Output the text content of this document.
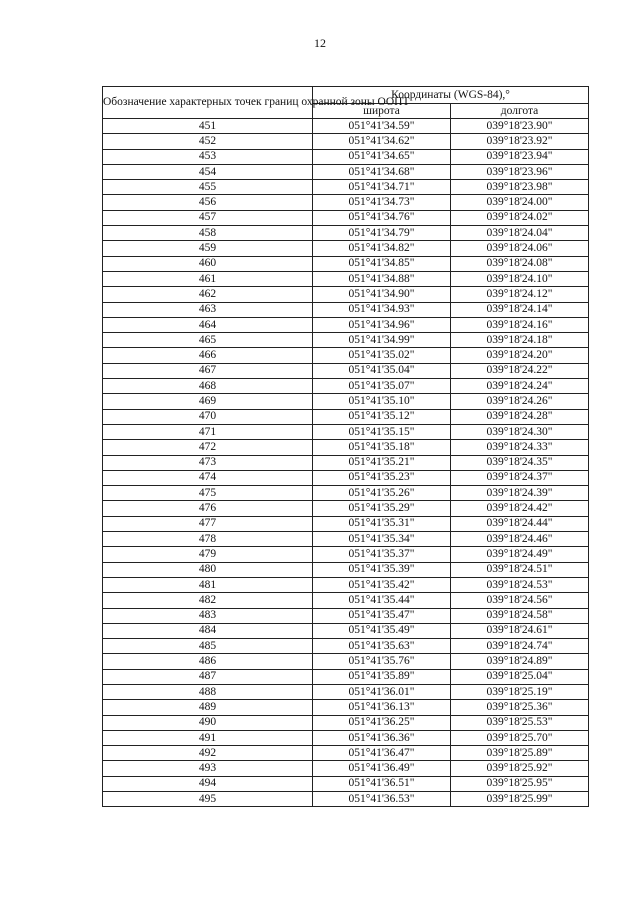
12
Обозначение характерных точек границ охранной зоны ООПТ	Координаты (WGS-84),°	
	широта	долгота
451	051°41'34.59"	039°18'23.90"
452	051°41'34.62"	039°18'23.92"
453	051°41'34.65"	039°18'23.94"
454	051°41'34.68"	039°18'23.96"
455	051°41'34.71"	039°18'23.98"
456	051°41'34.73"	039°18'24.00"
457	051°41'34.76"	039°18'24.02"
458	051°41'34.79"	039°18'24.04"
459	051°41'34.82"	039°18'24.06"
460	051°41'34.85"	039°18'24.08"
461	051°41'34.88"	039°18'24.10"
462	051°41'34.90"	039°18'24.12"
463	051°41'34.93"	039°18'24.14"
464	051°41'34.96"	039°18'24.16"
465	051°41'34.99"	039°18'24.18"
466	051°41'35.02"	039°18'24.20"
467	051°41'35.04"	039°18'24.22"
468	051°41'35.07"	039°18'24.24"
469	051°41'35.10"	039°18'24.26"
470	051°41'35.12"	039°18'24.28"
471	051°41'35.15"	039°18'24.30"
472	051°41'35.18"	039°18'24.33"
473	051°41'35.21"	039°18'24.35"
474	051°41'35.23"	039°18'24.37"
475	051°41'35.26"	039°18'24.39"
476	051°41'35.29"	039°18'24.42"
477	051°41'35.31"	039°18'24.44"
478	051°41'35.34"	039°18'24.46"
479	051°41'35.37"	039°18'24.49"
480	051°41'35.39"	039°18'24.51"
481	051°41'35.42"	039°18'24.53"
482	051°41'35.44"	039°18'24.56"
483	051°41'35.47"	039°18'24.58"
484	051°41'35.49"	039°18'24.61"
485	051°41'35.63"	039°18'24.74"
486	051°41'35.76"	039°18'24.89"
487	051°41'35.89"	039°18'25.04"
488	051°41'36.01"	039°18'25.19"
489	051°41'36.13"	039°18'25.36"
490	051°41'36.25"	039°18'25.53"
491	051°41'36.36"	039°18'25.70"
492	051°41'36.47"	039°18'25.89"
493	051°41'36.49"	039°18'25.92"
494	051°41'36.51"	039°18'25.95"
495	051°41'36.53"	039°18'25.99"
